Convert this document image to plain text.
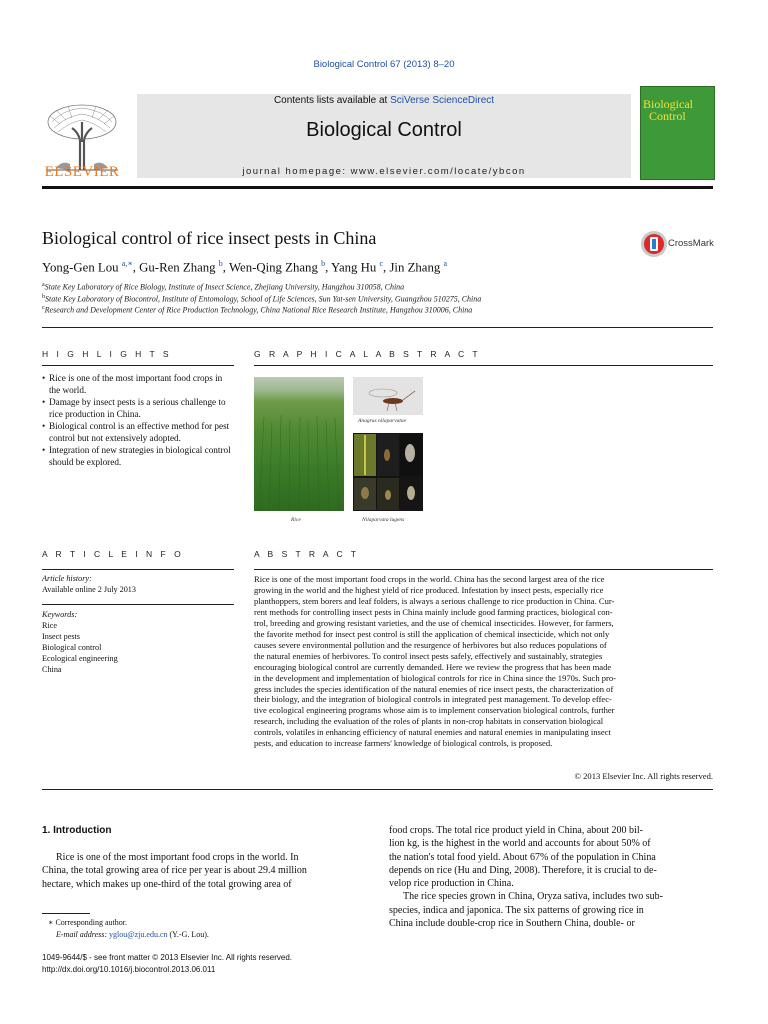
Biological Control 67 (2013) 8–20
ELSEVIER
Contents lists available at SciVerse ScienceDirect
Biological Control
journal homepage: www.elsevier.com/locate/ybcon
Biological
Control
Biological control of rice insect pests in China	CrossMark
Yong-Gen Lou $^{a,∗}$, Gu-Ren Zhang $^b$, Wen-Qing Zhang $^b$, Yang Hu $^c$, Jin Zhang $^a$
$^a$State Key Laboratory of Rice Biology, Institute of Insect Science, Zhejiang University, Hangzhou 310058, China
$^b$State Key Laboratory of Biocontrol, Institute of Entomology, School of Life Sciences, Sun Yat-sen University, Guangzhou 510275, China
$^c$Research and Development Center of Rice Production Technology, China National Rice Research Institute, Hangzhou 310006, China
H I G H L I G H T S
• Rice is one of the most important food crops in the world.
• Damage by insect pests is a serious challenge to rice production in China.
• Biological control is an effective method for pest control but not extensively adopted.
• Integration of new strategies in biological control should be explored.
G R A P H I C A L A B S T R A C T
Rice
Anagrus nilaparvatae
Nilaparvata lugens
A R T I C L E I N F O
Article history:
Available online 2 July 2013
Keywords:
Rice
Insect pests
Biological control
Ecological engineering
China
A B S T R A C T
Rice is one of the most important food crops in the world. China has the second largest area of the rice
growing in the world and the highest yield of rice produced. Infestation by insect pests, especially rice
planthoppers, stem borers and leaf folders, is always a serious challenge to rice production in China. Cur-
rent methods for controlling insect pests in China mainly include good farming practices, biological con-
trol, breeding and growing resistant varieties, and the use of chemical insecticides. However, for farmers,
the favorite method for insect pest control is still the application of chemical insecticide, which not only
causes severe environmental pollution and the resurgence of herbivores but also reduces populations of
the natural enemies of herbivores. To control insect pests safely, effectively and sustainably, strategies
encouraging biological control are currently demanded. Here we review the progress that has been made
in the development and implementation of biological controls for rice in China since the 1970s. Such pro-
gress includes the species identification of the natural enemies of rice insect pests, the characterization of
their biology, and the integration of biological controls in integrated pest management. To develop effec-
tive ecological engineering programs whose aim is to implement conservation biological controls, further
research, including the evaluation of the roles of plants in non-crop habitats in conservation biological
controls, volatiles in enhancing efficiency of natural enemies and natural enemies in manipulating insect
pests, and education to increase farmers' knowledge of biological controls, is proposed.
© 2013 Elsevier Inc. All rights reserved.
1. Introduction
Rice is one of the most important food crops in the world. In
China, the total growing area of rice per year is about 29.4 million
hectare, which makes up one-third of the total growing area of
food crops. The total rice product yield in China, about 200 bil-
lion kg, is the highest in the world and accounts for about 50% of
the nation's total food yield. About 67% of the population in China
depends on rice (Hu and Ding, 2008). Therefore, it is crucial to de-
velop rice production in China.
The rice species grown in China, Oryza sativa, includes two sub-
species, indica and japonica. The six patterns of growing rice in
China include double-crop rice in Southern China, double- or
∗ Corresponding author.
E-mail address: yglou@zju.edu.cn (Y.-G. Lou).
1049-9644/$ - see front matter © 2013 Elsevier Inc. All rights reserved.
http://dx.doi.org/10.1016/j.biocontrol.2013.06.011
